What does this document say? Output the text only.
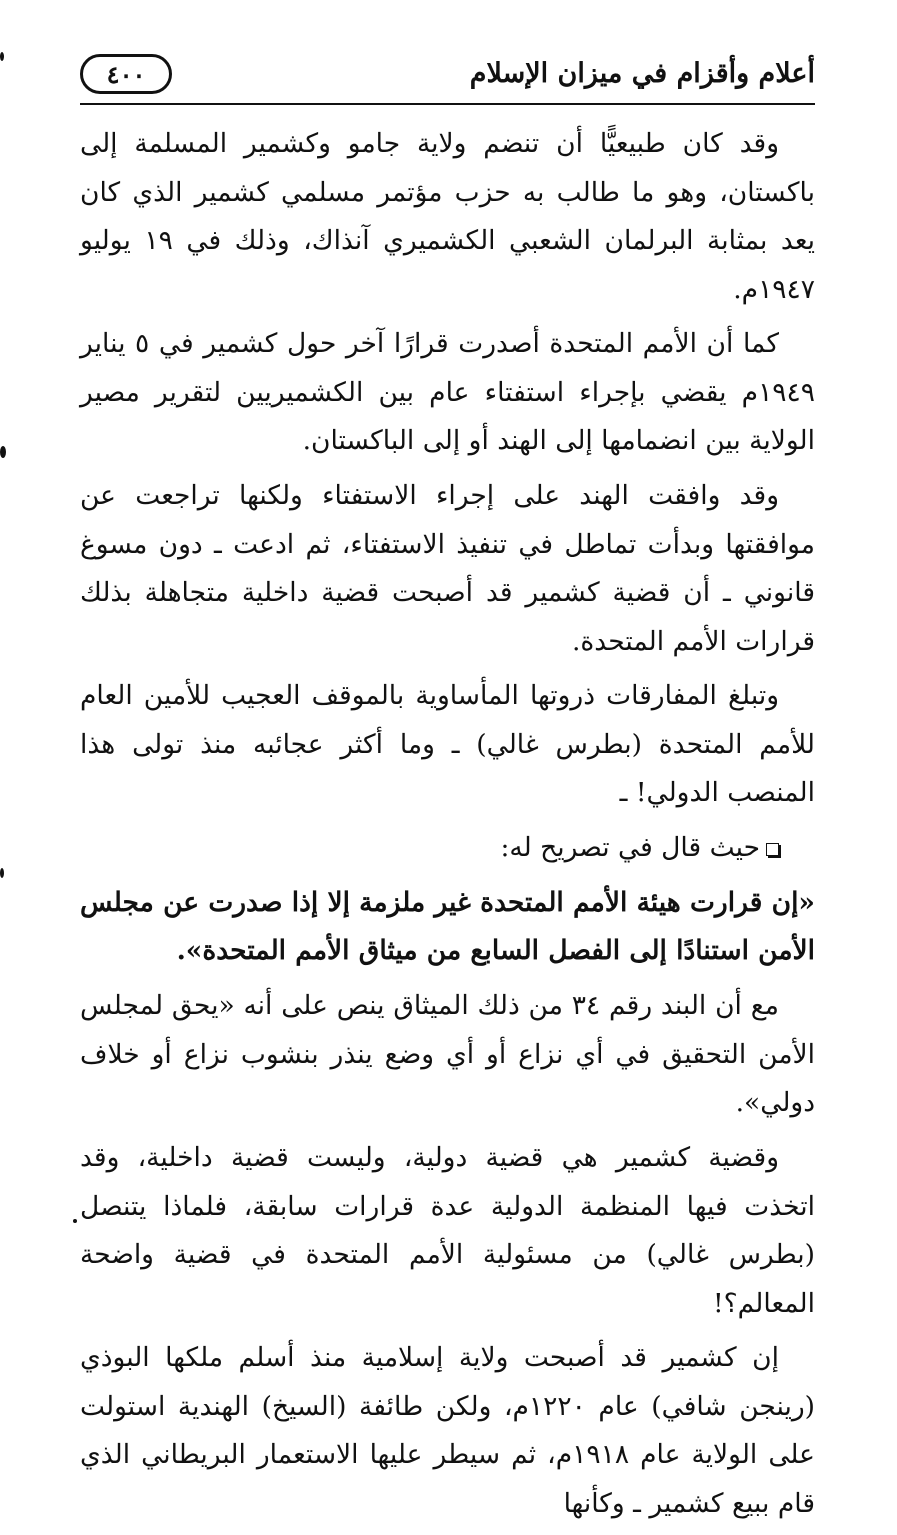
أعلام وأقزام في ميزان الإسلام
٤٠٠

وقد كان طبيعيًّا أن تنضم ولاية جامو وكشمير المسلمة إلى باكستان، وهو ما طالب به حزب مؤتمر مسلمي كشمير الذي كان يعد بمثابة البرلمان الشعبي الكشميري آنذاك، وذلك في ١٩ يوليو ١٩٤٧م.

كما أن الأمم المتحدة أصدرت قرارًا آخر حول كشمير في ٥ يناير ١٩٤٩م يقضي بإجراء استفتاء عام بين الكشميريين لتقرير مصير الولاية بين انضمامها إلى الهند أو إلى الباكستان.

وقد وافقت الهند على إجراء الاستفتاء ولكنها تراجعت عن موافقتها وبدأت تماطل في تنفيذ الاستفتاء، ثم ادعت ـ دون مسوغ قانوني ـ أن قضية كشمير قد أصبحت قضية داخلية متجاهلة بذلك قرارات الأمم المتحدة.

وتبلغ المفارقات ذروتها المأساوية بالموقف العجيب للأمين العام للأمم المتحدة (بطرس غالي) ـ وما أكثر عجائبه منذ تولى هذا المنصب الدولي! ـ

حيث قال في تصريح له:

«إن قرارت هيئة الأمم المتحدة غير ملزمة إلا إذا صدرت عن مجلس الأمن استنادًا إلى الفصل السابع من ميثاق الأمم المتحدة».

مع أن البند رقم ٣٤ من ذلك الميثاق ينص على أنه «يحق لمجلس الأمن التحقيق في أي نزاع أو أي وضع ينذر بنشوب نزاع أو خلاف دولي».

وقضية كشمير هي قضية دولية، وليست قضية داخلية، وقد اتخذت فيها المنظمة الدولية عدة قرارات سابقة، فلماذا يتنصل (بطرس غالي) من مسئولية الأمم المتحدة في قضية واضحة المعالم؟!

إن كشمير قد أصبحت ولاية إسلامية منذ أسلم ملكها البوذي (رينجن شافي) عام ١٢٢٠م، ولكن طائفة (السيخ) الهندية استولت على الولاية عام ١٩١٨م، ثم سيطر عليها الاستعمار البريطاني الذي قام ببيع كشمير ـ وكأنها
